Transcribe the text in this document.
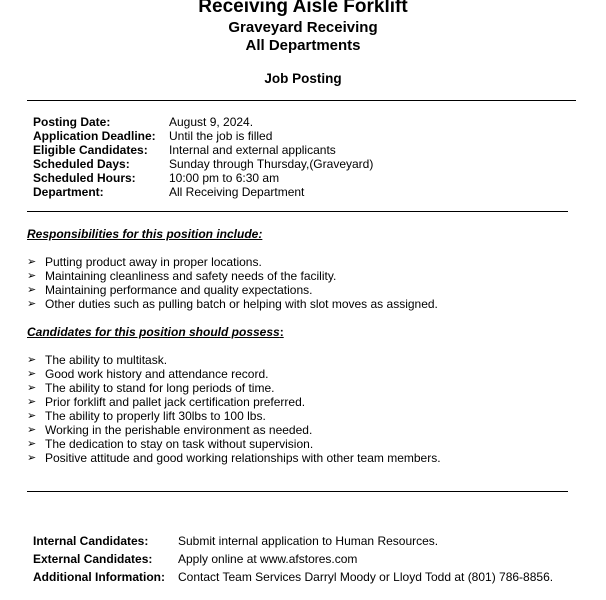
Receiving Aisle Forklift
Graveyard Receiving
All Departments
Job Posting
Posting Date:	August 9, 2024.
Application Deadline: Until the job is filled
Eligible Candidates: Internal and external applicants
Scheduled Days:	Sunday through Thursday,(Graveyard)
Scheduled Hours:	10:00 pm to 6:30 am
Department:	All Receiving Department
Responsibilities for this position include:
➢ Putting product away in proper locations.
➢ Maintaining cleanliness and safety needs of the facility.
➢ Maintaining performance and quality expectations.
➢ Other duties such as pulling batch or helping with slot moves as assigned.
Candidates for this position should possess:
➢ The ability to multitask.
➢ Good work history and attendance record.
➢ The ability to stand for long periods of time.
➢ Prior forklift and pallet jack certification preferred.
➢ The ability to properly lift 30lbs to 100 lbs.
➢ Working in the perishable environment as needed.
➢ The dedication to stay on task without supervision.
➢ Positive attitude and good working relationships with other team members.
Internal Candidates: Submit internal application to Human Resources.
External Candidates: Apply online at www.afstores.com
Additional Information: Contact Team Services Darryl Moody or Lloyd Todd at (801) 786-8856.
